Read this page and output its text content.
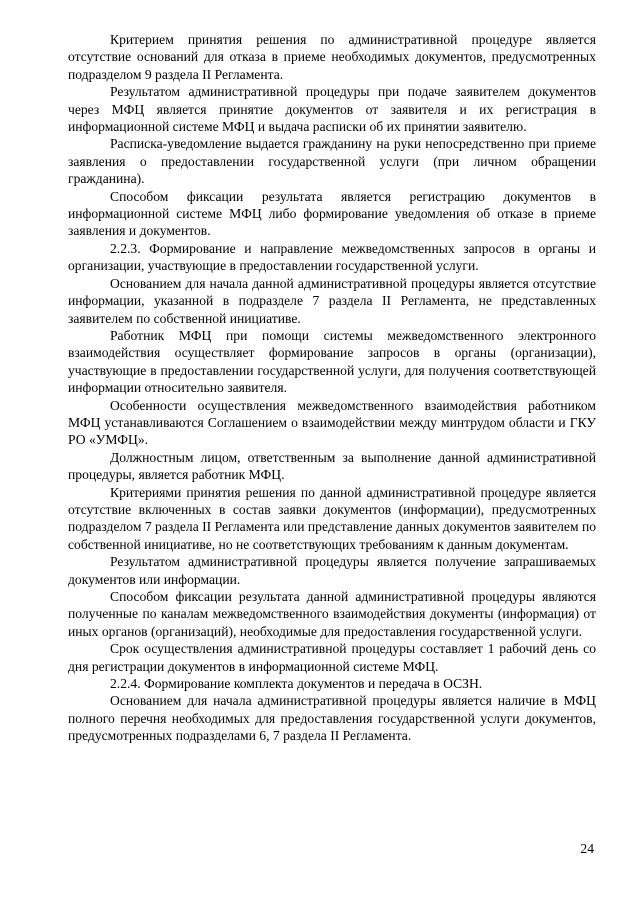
Критерием принятия решения по административной процедуре является отсутствие оснований для отказа в приеме необходимых документов, предусмотренных подразделом 9 раздела II Регламента.

Результатом административной процедуры при подаче заявителем документов через МФЦ является принятие документов от заявителя и их регистрация в информационной системе МФЦ и выдача расписки об их принятии заявителю.

Расписка-уведомление выдается гражданину на руки непосредственно при приеме заявления о предоставлении государственной услуги (при личном обращении гражданина).

Способом фиксации результата является регистрацию документов в информационной системе МФЦ либо формирование уведомления об отказе в приеме заявления и документов.

2.2.3. Формирование и направление межведомственных запросов в органы и организации, участвующие в предоставлении государственной услуги.

Основанием для начала данной административной процедуры является отсутствие информации, указанной в подразделе 7 раздела II Регламента, не представленных заявителем по собственной инициативе.

Работник МФЦ при помощи системы межведомственного электронного взаимодействия осуществляет формирование запросов в органы (организации), участвующие в предоставлении государственной услуги, для получения соответствующей информации относительно заявителя.

Особенности осуществления межведомственного взаимодействия работником МФЦ устанавливаются Соглашением о взаимодействии между минтрудом области и ГКУ РО «УМФЦ».

Должностным лицом, ответственным за выполнение данной административной процедуры, является работник МФЦ.

Критериями принятия решения по данной административной процедуре является отсутствие включенных в состав заявки документов (информации), предусмотренных подразделом 7 раздела II Регламента или представление данных документов заявителем по собственной инициативе, но не соответствующих требованиям к данным документам.

Результатом административной процедуры является получение запрашиваемых документов или информации.

Способом фиксации результата данной административной процедуры являются полученные по каналам межведомственного взаимодействия документы (информация) от иных органов (организаций), необходимые для предоставления государственной услуги.

Срок осуществления административной процедуры составляет 1 рабочий день со дня регистрации документов в информационной системе МФЦ.

2.2.4. Формирование комплекта документов и передача в ОСЗН.

Основанием для начала административной процедуры является наличие в МФЦ полного перечня необходимых для предоставления государственной услуги документов, предусмотренных подразделами 6, 7 раздела II Регламента.

24
